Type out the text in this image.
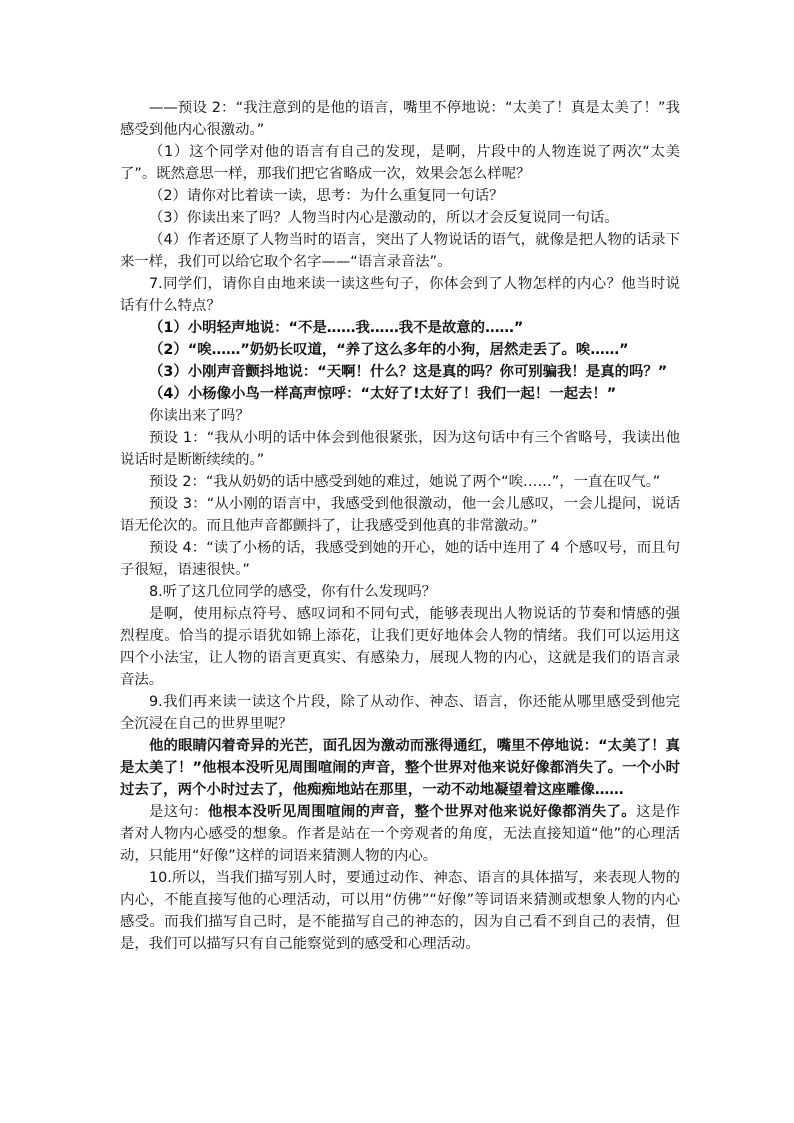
——预设 2：“我注意到的是他的语言，嘴里不停地说：“太美了！真是太美了！”我感受到他内心很激动。”

（1）这个同学对他的语言有自己的发现，是啊，片段中的人物连说了两次“太美了”。既然意思一样，那我们把它省略成一次，效果会怎么样呢？

（2）请你对比着读一读，思考：为什么重复同一句话？

（3）你读出来了吗？人物当时内心是激动的，所以才会反复说同一句话。

（4）作者还原了人物当时的语言，突出了人物说话的语气，就像是把人物的话录下来一样，我们可以给它取个名字——“语言录音法”。

7.同学们，请你自由地来读一读这些句子，你体会到了人物怎样的内心？他当时说话有什么特点？

（1）小明轻声地说：“不是……我……我不是故意的……”

（2）“唉……”奶奶长叹道，“养了这么多年的小狗，居然走丢了。唉……”

（3）小刚声音颤抖地说：“天啊！什么？这是真的吗？你可别骗我！是真的吗？”

（4）小杨像小鸟一样高声惊呼：“太好了!太好了！我们一起！一起去！”

你读出来了吗？

预设 1：“我从小明的话中体会到他很紧张，因为这句话中有三个省略号，我读出他说话时是断断续续的。”

预设 2：“我从奶奶的话中感受到她的难过，她说了两个“唉……”，一直在叹气。”

预设 3：“从小刚的语言中，我感受到他很激动，他一会儿感叹，一会儿提问，说话语无伦次的。而且他声音都颤抖了，让我感受到他真的非常激动。”

预设 4：“读了小杨的话，我感受到她的开心，她的话中连用了 4 个感叹号，而且句子很短，语速很快。”

8.听了这几位同学的感受，你有什么发现吗？

是啊，使用标点符号、感叹词和不同句式，能够表现出人物说话的节奏和情感的强烈程度。恰当的提示语犹如锦上添花，让我们更好地体会人物的情绪。我们可以运用这四个小法宝，让人物的语言更真实、有感染力，展现人物的内心，这就是我们的语言录音法。

9.我们再来读一读这个片段，除了从动作、神态、语言，你还能从哪里感受到他完全沉浸在自己的世界里呢？

他的眼睛闪着奇异的光芒，面孔因为激动而涨得通红，嘴里不停地说：“太美了！真是太美了！”他根本没听见周围喧闹的声音，整个世界对他来说好像都消失了。一个小时过去了，两个小时过去了，他痴痴地站在那里，一动不动地凝望着这座雕像……

是这句：他根本没听见周围喧闹的声音，整个世界对他来说好像都消失了。这是作者对人物内心感受的想象。作者是站在一个旁观者的角度，无法直接知道“他”的心理活动，只能用“好像”这样的词语来猜测人物的内心。

10.所以，当我们描写别人时，要通过动作、神态、语言的具体描写，来表现人物的内心，不能直接写他的心理活动，可以用“仿佛”“好像”等词语来猜测或想象人物的内心感受。而我们描写自己时，是不能描写自己的神态的，因为自己看不到自己的表情，但是，我们可以描写只有自己能察觉到的感受和心理活动。
